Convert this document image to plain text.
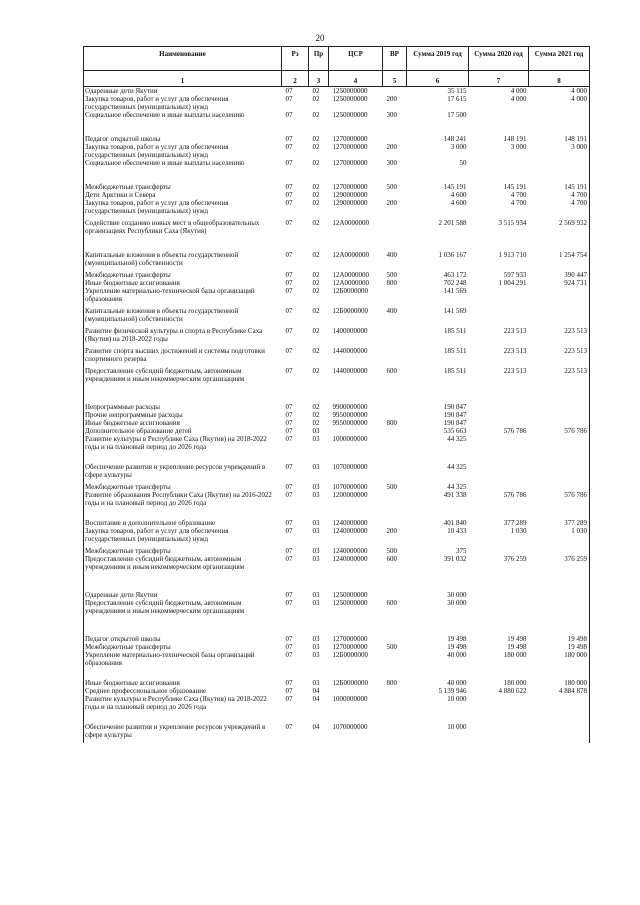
20
Наименование	Рз	Пр	ЦСР	ВР	Сумма 2019 год	Сумма 2020 год	Сумма 2021 год
1	2	3	4	5	6	7	8
Одаренные дети Якутии	07	02	1250000000		35 115	4 000	4 000
Закупка товаров, работ и услуг для обеспечения государственных (муниципальных) нужд	07	02	1250000000	200	17 615	4 000	4 000
Социальное обеспечение и иные выплаты населению	07	02	1250000000	300	17 500		
Педагог открытой школы	07	02	1270000000		148 241	148 191	148 191
Закупка товаров, работ и услуг для обеспечения государственных (муниципальных) нужд	07	02	1270000000	200	3 000	3 000	3 000
Социальное обеспечение и иные выплаты населению	07	02	1270000000	300	50		
Межбюджетные трансферты	07	02	1270000000	500	145 191	145 191	145 191
Дети Арктики и Севера	07	02	1290000000		4 600	4 700	4 700
Закупка товаров, работ и услуг для обеспечения государственных (муниципальных) нужд	07	02	1290000000	200	4 600	4 700	4 700
Содействие созданию новых мест в общеобразовательных организациях Республики Саха (Якутия)	07	02	12A0000000		2 201 588	3 515 934	2 569 932
Капитальные вложения в объекты государственной (муниципальной) собственности	07	02	12A0000000	400	1 036 167	1 913 710	1 254 754
Межбюджетные трансферты	07	02	12A0000000	500	463 172	597 933	390 447
Иные бюджетные ассигнования	07	02	12A0000000	800	702 248	1 004 291	924 731
Укрепление материально-технической базы организаций образования	07	02	12Б0000000		141 569		
Капитальные вложения в объекты государственной (муниципальной) собственности	07	02	12Б0000000	400	141 569		
Развитие физической культуры и спорта в Республике Саха (Якутия) на 2018-2022 годы	07	02	1400000000		185 511	223 513	223 513
Развитие спорта высших достижений и системы подготовки спортивного резерва	07	02	1440000000		185 511	223 513	223 513
Предоставление субсидий бюджетным, автономным учреждениям и иным некоммерческим организациям	07	02	1440000000	600	185 511	223 513	223 513
Непрограммные расходы	07	02	9900000000		190 847		
Прочие непрограммные расходы	07	02	9950000000		190 847		
Иные бюджетные ассигнования	07	02	9950000000	800	190 847		
Дополнительное образование детей	07	03			535 663	576 786	576 786
Развитие культуры в Республике Саха (Якутия) на 2018-2022 годы и на плановый период до 2026 года	07	03	1000000000		44 325		
Обеспечение развития и укрепление ресурсов учреждений в сфере культуры	07	03	1070000000		44 325		
Межбюджетные трансферты	07	03	1070000000	500	44 325		
Развитие образования Республики Саха (Якутия) на 2016-2022 годы и на плановый период до 2026 года	07	03	1200000000		491 338	576 786	576 786
Воспитание и дополнительное образование	07	03	1240000000		401 840	377 289	377 289
Закупка товаров, работ и услуг для обеспечения государственных (муниципальных) нужд	07	03	1240000000	200	10 433	1 030	1 030
Межбюджетные трансферты	07	03	1240000000	500	375		
Предоставление субсидий бюджетным, автономным учреждениям и иным некоммерческим организациям	07	03	1240000000	600	391 032	376 259	376 259
Одаренные дети Якутии	07	03	1250000000		30 000		
Предоставление субсидий бюджетным, автономным учреждениям и иным некоммерческим организациям	07	03	1250000000	600	30 000		
Педагог открытой школы	07	03	1270000000		19 498	19 498	19 498
Межбюджетные трансферты	07	03	1270000000	500	19 498	19 498	19 498
Укрепление материально-технической базы организаций образования	07	03	12Б0000000		40 000	180 000	180 000
Иные бюджетные ассигнования	07	03	12Б0000000	800	40 000	180 000	180 000
Среднее профессиональное образование	07	04			5 139 946	4 880 622	4 884 878
Развитие культуры в Республике Саха (Якутия) на 2018-2022 годы и на плановый период до 2026 года	07	04	1000000000		10 000		
Обеспечение развития и укрепление ресурсов учреждений в сфере культуры	07	04	1070000000		10 000		
